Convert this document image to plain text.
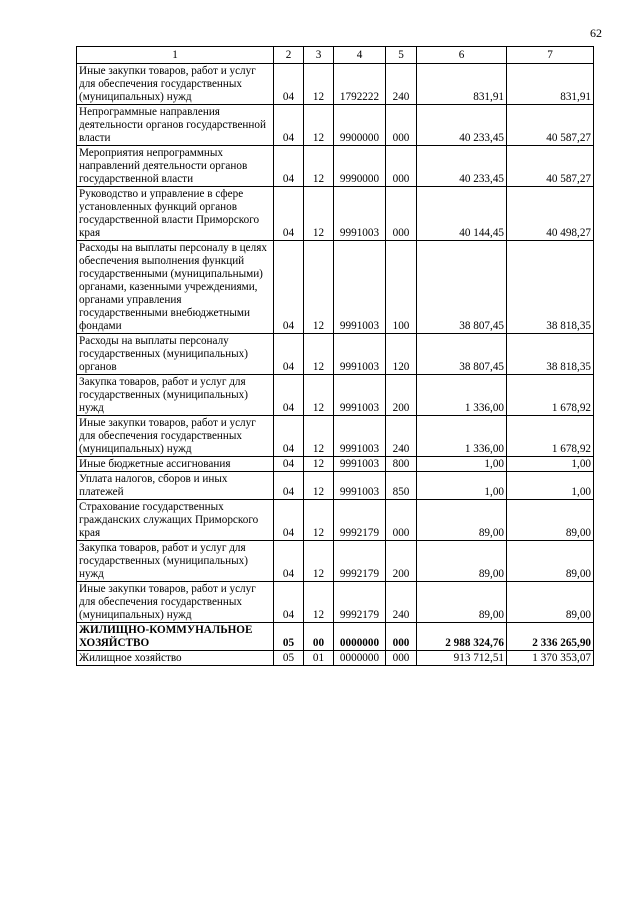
62
1	2	3	4	5	6	7
Иные закупки товаров, работ и услуг для обеспечения государственных (муниципальных) нужд	04	12	1792222	240	831,91	831,91
Непрограммные направления деятельности органов государственной власти	04	12	9900000	000	40 233,45	40 587,27
Мероприятия непрограммных направлений деятельности органов государственной власти	04	12	9990000	000	40 233,45	40 587,27
Руководство и управление в сфере установленных функций органов государственной власти Приморского края	04	12	9991003	000	40 144,45	40 498,27
Расходы на выплаты персоналу в целях обеспечения выполнения функций государственными (муниципальными) органами, казенными учреждениями, органами управления государственными внебюджетными фондами	04	12	9991003	100	38 807,45	38 818,35
Расходы на выплаты персоналу государственных (муниципальных) органов	04	12	9991003	120	38 807,45	38 818,35
Закупка товаров, работ и услуг для государственных (муниципальных) нужд	04	12	9991003	200	1 336,00	1 678,92
Иные закупки товаров, работ и услуг для обеспечения государственных (муниципальных) нужд	04	12	9991003	240	1 336,00	1 678,92
Иные бюджетные ассигнования	04	12	9991003	800	1,00	1,00
Уплата налогов, сборов и иных платежей	04	12	9991003	850	1,00	1,00
Страхование государственных гражданских служащих Приморского края	04	12	9992179	000	89,00	89,00
Закупка товаров, работ и услуг для государственных (муниципальных) нужд	04	12	9992179	200	89,00	89,00
Иные закупки товаров, работ и услуг для обеспечения государственных (муниципальных) нужд	04	12	9992179	240	89,00	89,00
ЖИЛИЩНО-КОММУНАЛЬНОЕ ХОЗЯЙСТВО	05	00	0000000	000	2 988 324,76	2 336 265,90
Жилищное хозяйство	05	01	0000000	000	913 712,51	1 370 353,07
